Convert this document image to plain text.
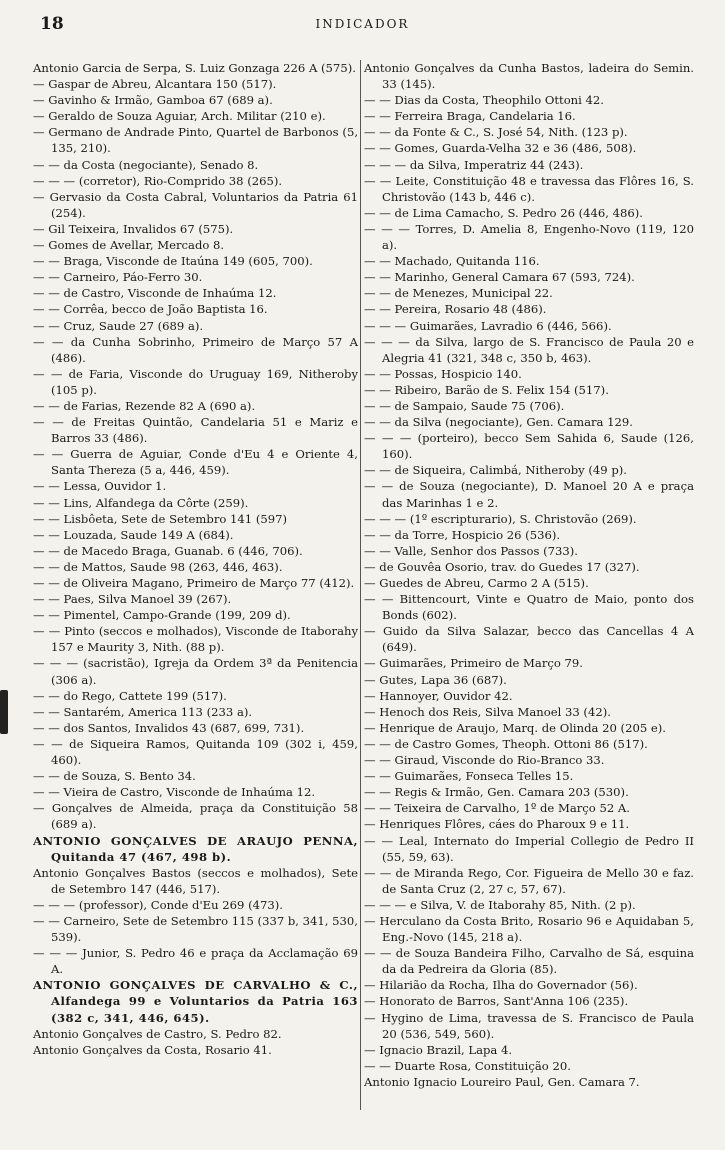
18	INDICADOR
Antonio Garcia de Serpa, S. Luiz Gonzaga 226 A (575).
— Gaspar de Abreu, Alcantara 150 (517).
— Gavinho & Irmão, Gamboa 67 (689 a).
— Geraldo de Souza Aguiar, Arch. Militar (210 e).
— Germano de Andrade Pinto, Quartel de Barbonos (5, 135, 210).
— — da Costa (negociante), Senado 8.
— — — (corretor), Rio-Comprido 38 (265).
— Gervasio da Costa Cabral, Voluntarios da Patria 61 (254).
— Gil Teixeira, Invalidos 67 (575).
— Gomes de Avellar, Mercado 8.
— — Braga, Visconde de Itaúna 149 (605, 700).
— — Carneiro, Páo-Ferro 30.
— — de Castro, Visconde de Inhaúma 12.
— — Corrêa, becco de João Baptista 16.
— — Cruz, Saude 27 (689 a).
— — da Cunha Sobrinho, Primeiro de Março 57 A (486).
— — de Faria, Visconde do Uruguay 169, Nitheroby (105 p).
— — de Farias, Rezende 82 A (690 a).
— — de Freitas Quintão, Candelaria 51 e Mariz e Barros 33 (486).
— — Guerra de Aguiar, Conde d'Eu 4 e Oriente 4, Santa Thereza (5 a, 446, 459).
— — Lessa, Ouvidor 1.
— — Lins, Alfandega da Côrte (259).
— — Lisbôeta, Sete de Setembro 141 (597)
— — Louzada, Saude 149 A (684).
— — de Macedo Braga, Guanab. 6 (446, 706).
— — de Mattos, Saude 98 (263, 446, 463).
— — de Oliveira Magano, Primeiro de Março 77 (412).
— — Paes, Silva Manoel 39 (267).
— — Pimentel, Campo-Grande (199, 209 d).
— — Pinto (seccos e molhados), Visconde de Itaborahy 157 e Maurity 3, Nith. (88 p).
— — — (sacristão), Igreja da Ordem 3ª da Penitencia (306 a).
— — do Rego, Cattete 199 (517).
— — Santarém, America 113 (233 a).
— — dos Santos, Invalidos 43 (687, 699, 731).
— — de Siqueira Ramos, Quitanda 109 (302 i, 459, 460).
— — de Souza, S. Bento 34.
— — Vieira de Castro, Visconde de Inhaúma 12.
— Gonçalves de Almeida, praça da Constituição 58 (689 a).
ANTONIO GONÇALVES DE ARAUJO PENNA, Quitanda 47 (467, 498 b).
Antonio Gonçalves Bastos (seccos e molhados), Sete de Setembro 147 (446, 517).
— — — (professor), Conde d'Eu 269 (473).
— — Carneiro, Sete de Setembro 115 (337 b, 341, 530, 539).
— — — Junior, S. Pedro 46 e praça da Acclamação 69 A.
ANTONIO GONÇALVES DE CARVALHO & C., Alfandega 99 e Voluntarios da Patria 163 (382 c, 341, 446, 645).
Antonio Gonçalves de Castro, S. Pedro 82.
Antonio Gonçalves da Costa, Rosario 41.
Antonio Gonçalves da Cunha Bastos, ladeira do Semin. 33 (145).
— — Dias da Costa, Theophilo Ottoni 42.
— — Ferreira Braga, Candelaria 16.
— — da Fonte & C., S. José 54, Nith. (123 p).
— — Gomes, Guarda-Velha 32 e 36 (486, 508).
— — — da Silva, Imperatriz 44 (243).
— — Leite, Constituição 48 e travessa das Flôres 16, S. Christovão (143 b, 446 c).
— — de Lima Camacho, S. Pedro 26 (446, 486).
— — — Torres, D. Amelia 8, Engenho-Novo (119, 120 a).
— — Machado, Quitanda 116.
— — Marinho, General Camara 67 (593, 724).
— — de Menezes, Municipal 22.
— — Pereira, Rosario 48 (486).
— — — Guimarães, Lavradio 6 (446, 566).
— — — da Silva, largo de S. Francisco de Paula 20 e Alegria 41 (321, 348 c, 350 b, 463).
— — Possas, Hospicio 140.
— — Ribeiro, Barão de S. Felix 154 (517).
— — de Sampaio, Saude 75 (706).
— — da Silva (negociante), Gen. Camara 129.
— — — (porteiro), becco Sem Sahida 6, Saude (126, 160).
— — de Siqueira, Calimbá, Nitheroby (49 p).
— — de Souza (negociante), D. Manoel 20 A e praça das Marinhas 1 e 2.
— — — (1º escripturario), S. Christovão (269).
— — da Torre, Hospicio 26 (536).
— — Valle, Senhor dos Passos (733).
— de Gouvêa Osorio, trav. do Guedes 17 (327).
— Guedes de Abreu, Carmo 2 A (515).
— — Bittencourt, Vinte e Quatro de Maio, ponto dos Bonds (602).
— Guido da Silva Salazar, becco das Cancellas 4 A (649).
— Guimarães, Primeiro de Março 79.
— Gutes, Lapa 36 (687).
— Hannoyer, Ouvidor 42.
— Henoch dos Reis, Silva Manoel 33 (42).
— Henrique de Araujo, Marq. de Olinda 20 (205 e).
— — de Castro Gomes, Theoph. Ottoni 86 (517).
— — Giraud, Visconde do Rio-Branco 33.
— — Guimarães, Fonseca Telles 15.
— — Regis & Irmão, Gen. Camara 203 (530).
— — Teixeira de Carvalho, 1º de Março 52 A.
— Henriques Flôres, cáes do Pharoux 9 e 11.
— — Leal, Internato do Imperial Collegio de Pedro II (55, 59, 63).
— — de Miranda Rego, Cor. Figueira de Mello 30 e faz. de Santa Cruz (2, 27 c, 57, 67).
— — — e Silva, V. de Itaborahy 85, Nith. (2 p).
— Herculano da Costa Brito, Rosario 96 e Aquidaban 5, Eng.-Novo (145, 218 a).
— — de Souza Bandeira Filho, Carvalho de Sá, esquina da da Pedreira da Gloria (85).
— Hilarião da Rocha, Ilha do Governador (56).
— Honorato de Barros, Sant'Anna 106 (235).
— Hygino de Lima, travessa de S. Francisco de Paula 20 (536, 549, 560).
— Ignacio Brazil, Lapa 4.
— — Duarte Rosa, Constituição 20.
Antonio Ignacio Loureiro Paul, Gen. Camara 7.
